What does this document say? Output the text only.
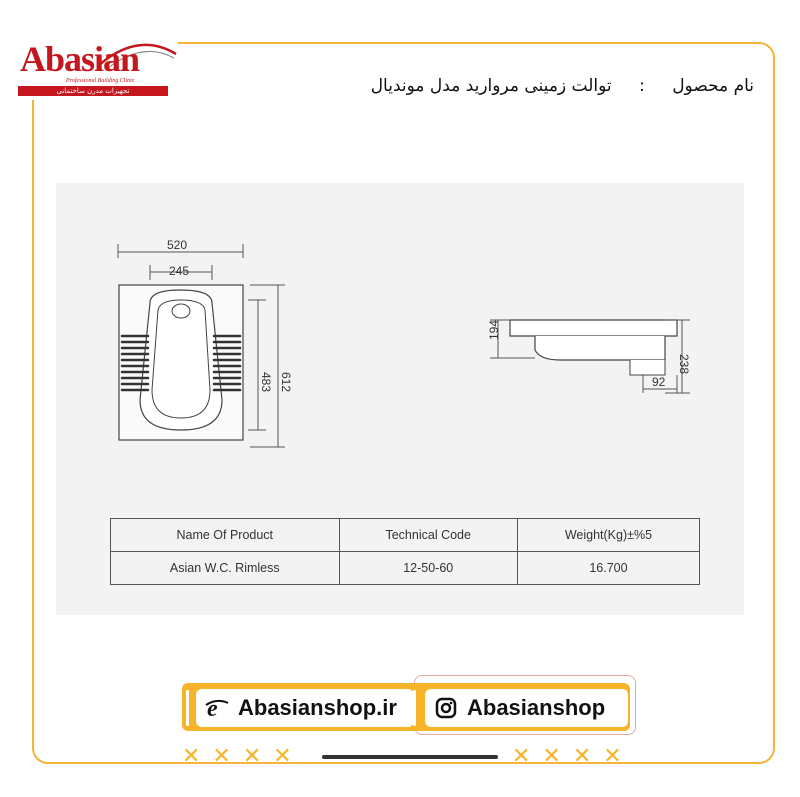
Abasian
Professional Building Clinic
تجهیزات مدرن ساختمانی	نام محصول : توالت زمینی مروارید مدل موندیال
520
245
483 612
194
238
92
Name Of Product	Technical Code	Weight(Kg)±%5
Asian W.C. Rimless	12-50-60	16.700
e Abasianshop.ir	Abasianshop
✕✕✕✕	✕✕✕✕
